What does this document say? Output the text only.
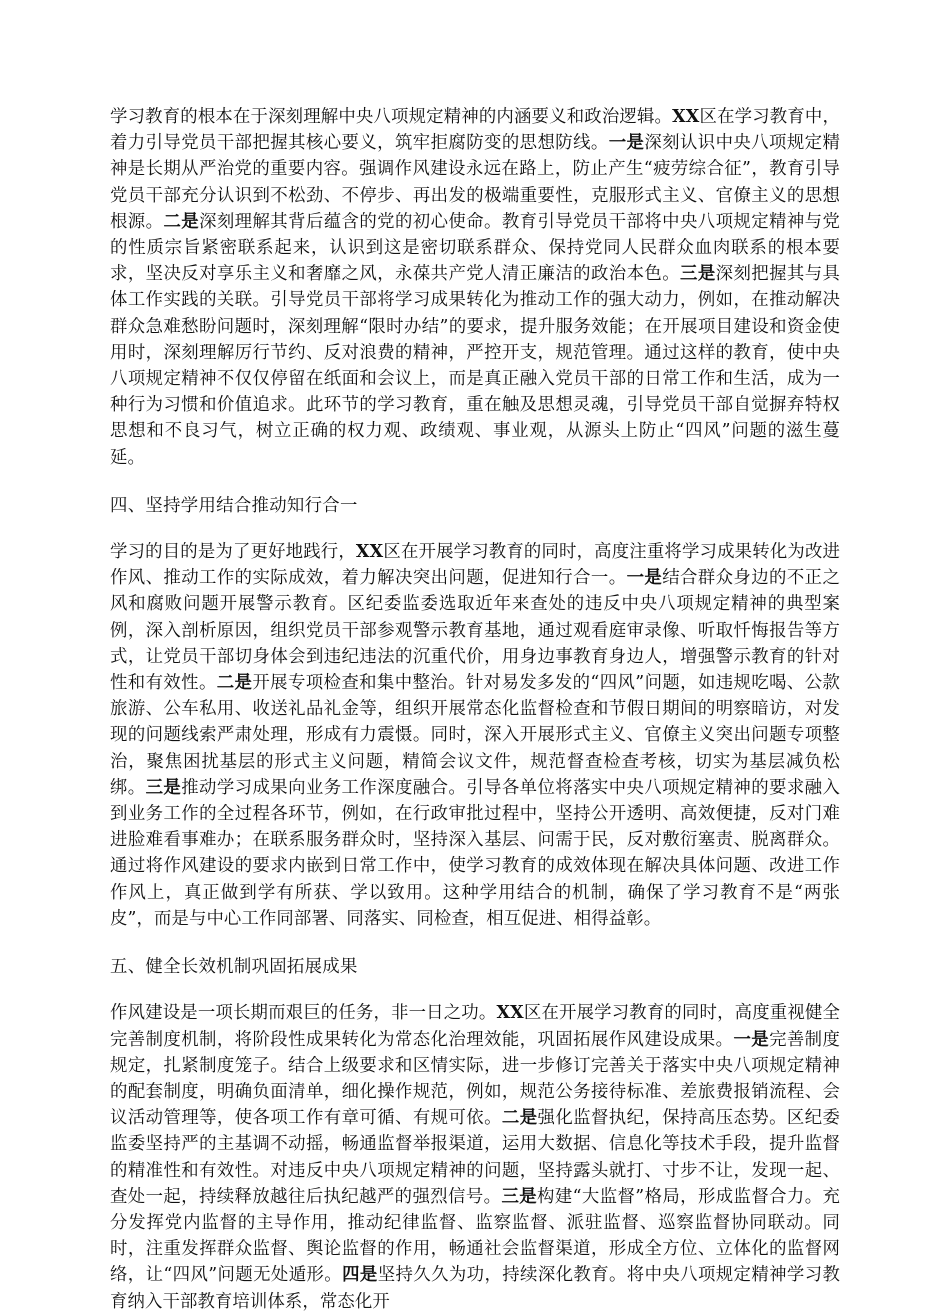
学习教育的根本在于深刻理解中央八项规定精神的内涵要义和政治逻辑。XX区在学习教育中，着力引导党员干部把握其核心要义，筑牢拒腐防变的思想防线。一是深刻认识中央八项规定精神是长期从严治党的重要内容。强调作风建设永远在路上，防止产生“疲劳综合征”，教育引导党员干部充分认识到不松劲、不停步、再出发的极端重要性，克服形式主义、官僚主义的思想根源。二是深刻理解其背后蕴含的党的初心使命。教育引导党员干部将中央八项规定精神与党的性质宗旨紧密联系起来，认识到这是密切联系群众、保持党同人民群众血肉联系的根本要求，坚决反对享乐主义和奢靡之风，永葆共产党人清正廉洁的政治本色。三是深刻把握其与具体工作实践的关联。引导党员干部将学习成果转化为推动工作的强大动力，例如，在推动解决群众急难愁盼问题时，深刻理解“限时办结”的要求，提升服务效能；在开展项目建设和资金使用时，深刻理解厉行节约、反对浪费的精神，严控开支，规范管理。通过这样的教育，使中央八项规定精神不仅仅停留在纸面和会议上，而是真正融入党员干部的日常工作和生活，成为一种行为习惯和价值追求。此环节的学习教育，重在触及思想灵魂，引导党员干部自觉摒弃特权思想和不良习气，树立正确的权力观、政绩观、事业观，从源头上防止“四风”问题的滋生蔓延。

四、坚持学用结合推动知行合一

学习的目的是为了更好地践行，XX区在开展学习教育的同时，高度注重将学习成果转化为改进作风、推动工作的实际成效，着力解决突出问题，促进知行合一。一是结合群众身边的不正之风和腐败问题开展警示教育。区纪委监委选取近年来查处的违反中央八项规定精神的典型案例，深入剖析原因，组织党员干部参观警示教育基地，通过观看庭审录像、听取忏悔报告等方式，让党员干部切身体会到违纪违法的沉重代价，用身边事教育身边人，增强警示教育的针对性和有效性。二是开展专项检查和集中整治。针对易发多发的“四风”问题，如违规吃喝、公款旅游、公车私用、收送礼品礼金等，组织开展常态化监督检查和节假日期间的明察暗访，对发现的问题线索严肃处理，形成有力震慑。同时，深入开展形式主义、官僚主义突出问题专项整治，聚焦困扰基层的形式主义问题，精简会议文件，规范督查检查考核，切实为基层减负松绑。三是推动学习成果向业务工作深度融合。引导各单位将落实中央八项规定精神的要求融入到业务工作的全过程各环节，例如，在行政审批过程中，坚持公开透明、高效便捷，反对门难进脸难看事难办；在联系服务群众时，坚持深入基层、问需于民，反对敷衍塞责、脱离群众。通过将作风建设的要求内嵌到日常工作中，使学习教育的成效体现在解决具体问题、改进工作作风上，真正做到学有所获、学以致用。这种学用结合的机制，确保了学习教育不是“两张皮”，而是与中心工作同部署、同落实、同检查，相互促进、相得益彰。

五、健全长效机制巩固拓展成果

作风建设是一项长期而艰巨的任务，非一日之功。XX区在开展学习教育的同时，高度重视健全完善制度机制，将阶段性成果转化为常态化治理效能，巩固拓展作风建设成果。一是完善制度规定，扎紧制度笼子。结合上级要求和区情实际，进一步修订完善关于落实中央八项规定精神的配套制度，明确负面清单，细化操作规范，例如，规范公务接待标准、差旅费报销流程、会议活动管理等，使各项工作有章可循、有规可依。二是强化监督执纪，保持高压态势。区纪委监委坚持严的主基调不动摇，畅通监督举报渠道，运用大数据、信息化等技术手段，提升监督的精准性和有效性。对违反中央八项规定精神的问题，坚持露头就打、寸步不让，发现一起、查处一起，持续释放越往后执纪越严的强烈信号。三是构建“大监督”格局，形成监督合力。充分发挥党内监督的主导作用，推动纪律监督、监察监督、派驻监督、巡察监督协同联动。同时，注重发挥群众监督、舆论监督的作用，畅通社会监督渠道，形成全方位、立体化的监督网络，让“四风”问题无处遁形。四是坚持久久为功，持续深化教育。将中央八项规定精神学习教育纳入干部教育培训体系，常态化开
